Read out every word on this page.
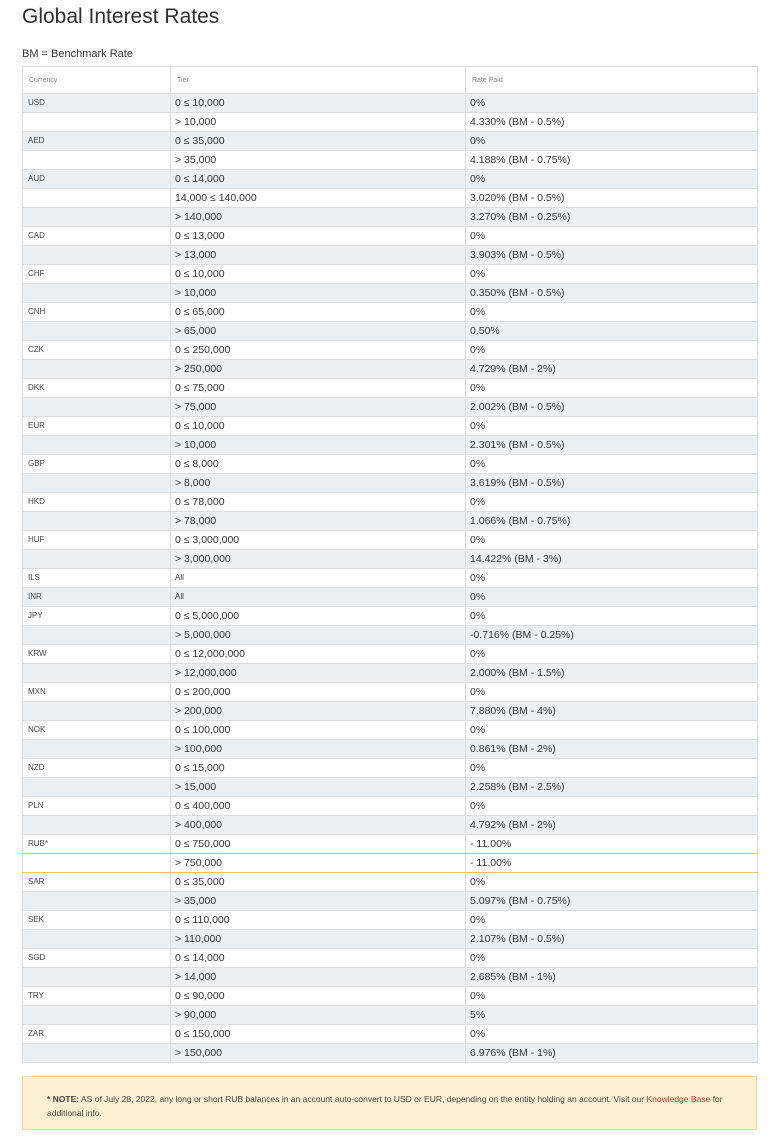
Global Interest Rates
BM = Benchmark Rate
Currency	Tier	Rate Paid
USD	0 ≤ 10,000	0%
	> 10,000	4.330% (BM - 0.5%)
AED	0 ≤ 35,000	0%
	> 35,000	4.188% (BM - 0.75%)
AUD	0 ≤ 14,000	0%
	14,000 ≤ 140,000	3.020% (BM - 0.5%)
	> 140,000	3.270% (BM - 0.25%)
CAD	0 ≤ 13,000	0%
	> 13,000	3.903% (BM - 0.5%)
CHF	0 ≤ 10,000	0%
	> 10,000	0.350% (BM - 0.5%)
CNH	0 ≤ 65,000	0%
	> 65,000	0.50%
CZK	0 ≤ 250,000	0%
	> 250,000	4.729% (BM - 2%)
DKK	0 ≤ 75,000	0%
	> 75,000	2.002% (BM - 0.5%)
EUR	0 ≤ 10,000	0%
	> 10,000	2.301% (BM - 0.5%)
GBP	0 ≤ 8,000	0%
	> 8,000	3.619% (BM - 0.5%)
HKD	0 ≤ 78,000	0%
	> 78,000	1.066% (BM - 0.75%)
HUF	0 ≤ 3,000,000	0%
	> 3,000,000	14.422% (BM - 3%)
ILS	All	0%
INR	All	0%
JPY	0 ≤ 5,000,000	0%
	> 5,000,000	-0.716% (BM - 0.25%)
KRW	0 ≤ 12,000,000	0%
	> 12,000,000	2.000% (BM - 1.5%)
MXN	0 ≤ 200,000	0%
	> 200,000	7.880% (BM - 4%)
NOK	0 ≤ 100,000	0%
	> 100,000	0.861% (BM - 2%)
NZD	0 ≤ 15,000	0%
	> 15,000	2.258% (BM - 2.5%)
PLN	0 ≤ 400,000	0%
	> 400,000	4.792% (BM - 2%)
RUB*	0 ≤ 750,000	- 11.00%
	> 750,000	- 11.00%
SAR	0 ≤ 35,000	0%
	> 35,000	5.097% (BM - 0.75%)
SEK	0 ≤ 110,000	0%
	> 110,000	2.107% (BM - 0.5%)
SGD	0 ≤ 14,000	0%
	> 14,000	2.685% (BM - 1%)
TRY	0 ≤ 90,000	0%
	> 90,000	5%
ZAR	0 ≤ 150,000	0%
	> 150,000	6.976% (BM - 1%)
* NOTE: AS of July 28, 2022, any long or short RUB balances in an account auto-convert to USD or EUR, depending on the entity holding an account. Visit our Knowledge Base for additional info.
